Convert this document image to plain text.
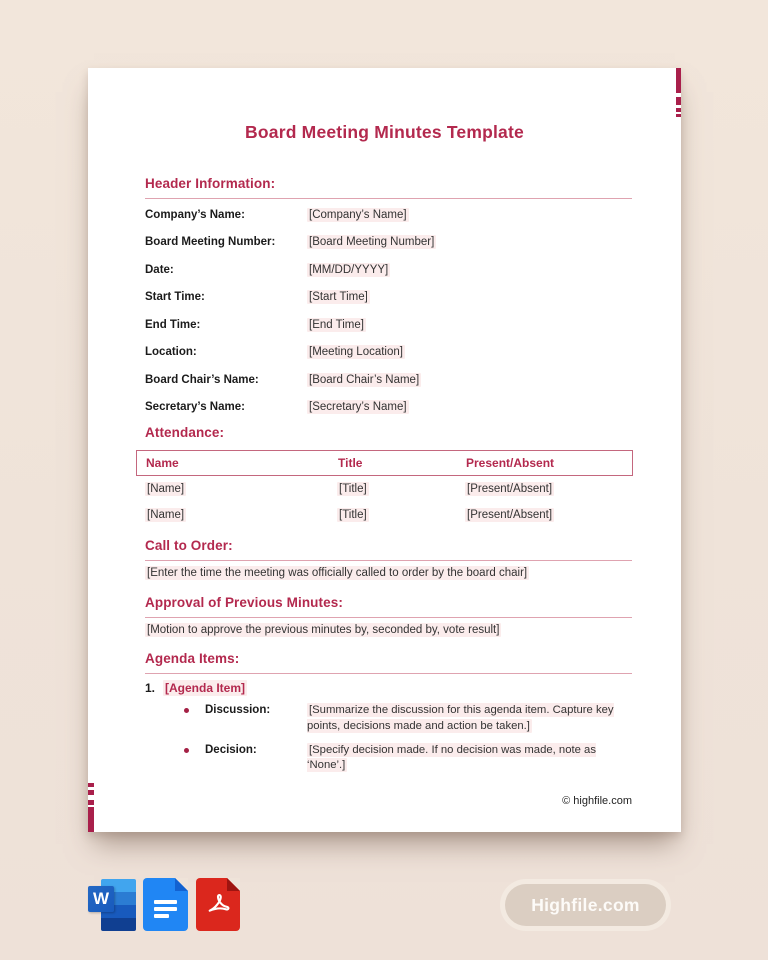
Board Meeting Minutes Template
Header Information:
Company’s Name:	[Company’s Name]
Board Meeting Number:	[Board Meeting Number]
Date:	[MM/DD/YYYY]
Start Time:	[Start Time]
End Time:	[End Time]
Location:	[Meeting Location]
Board Chair’s Name:	[Board Chair’s Name]
Secretary’s Name:	[Secretary’s Name]
Attendance:
Name	Title	Present/Absent
[Name]	[Title]	[Present/Absent]
[Name]	[Title]	[Present/Absent]
Call to Order:

[Enter the time the meeting was officially called to order by the board chair]

Approval of Previous Minutes:

[Motion to approve the previous minutes by, seconded by, vote result]

Agenda Items:

1. [Agenda Item]

Discussion:	[Summarize the discussion for this agenda item. Capture key points, decisions made and action be taken.]
Decision:	[Specify decision made. If no decision was made, note as ‘None’.]
© highfile.com
W	Highfile.com
